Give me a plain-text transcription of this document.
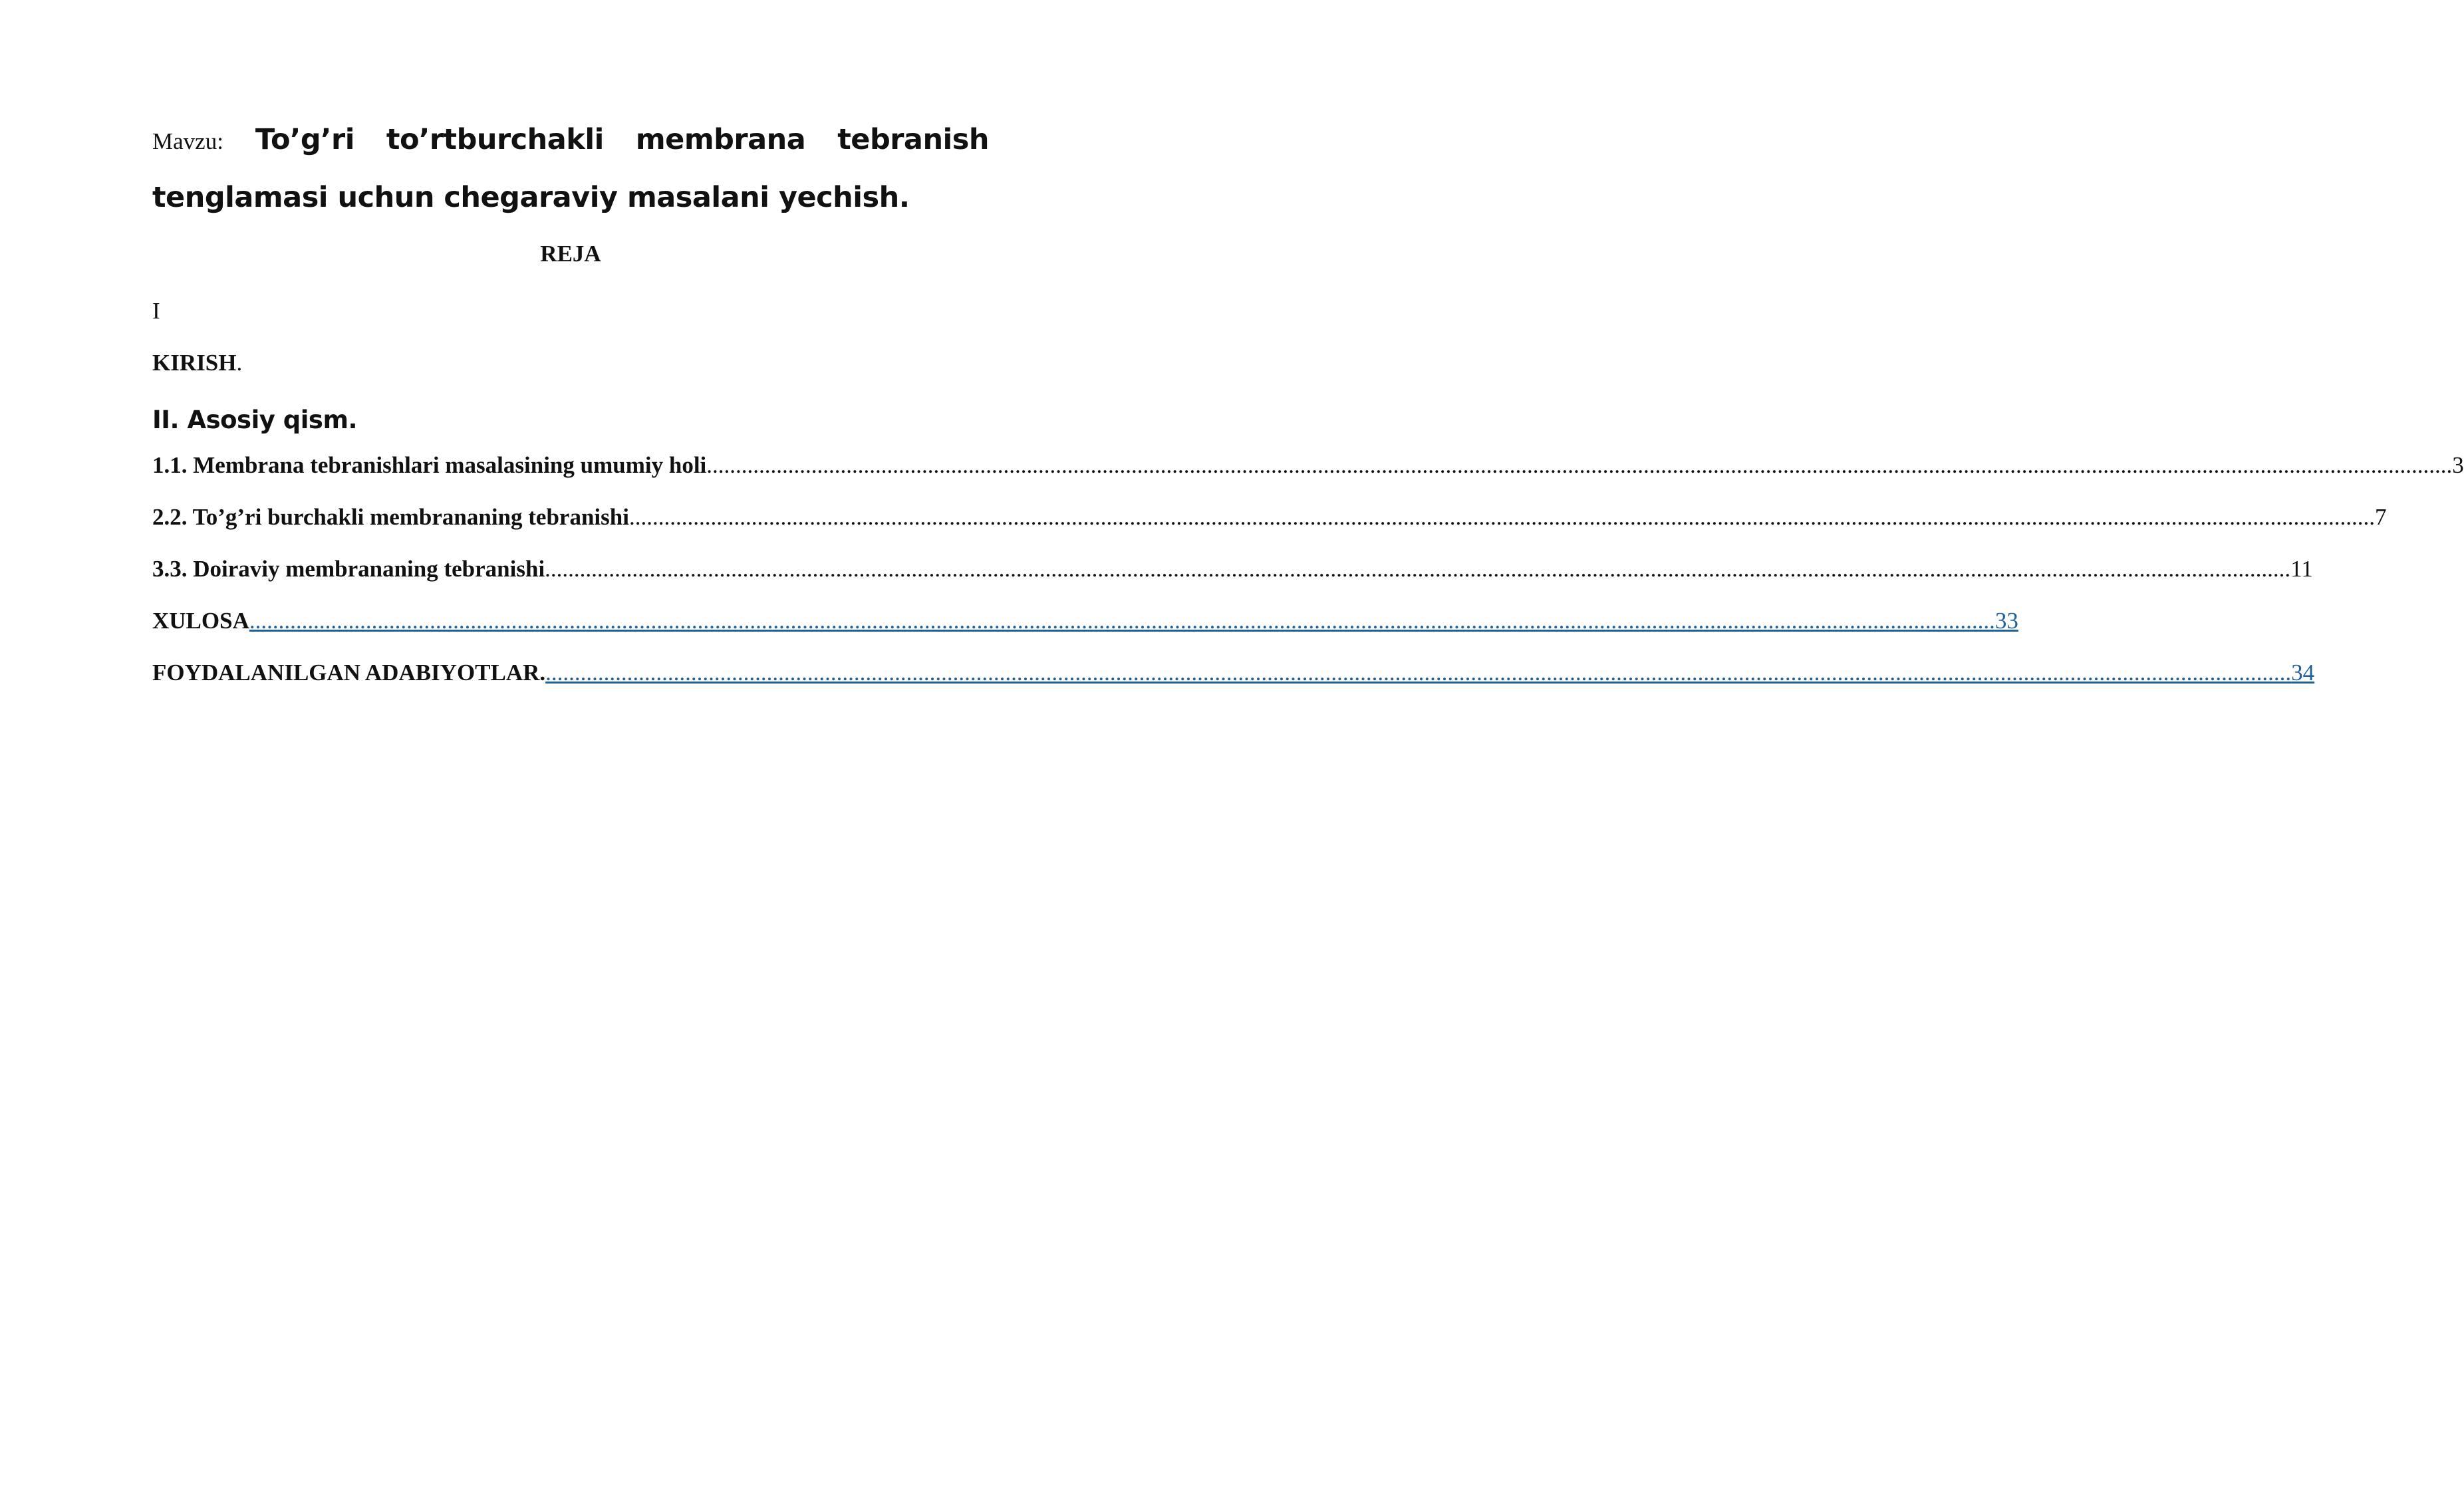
Mavzu: To’g’ri to’rtburchakli membrana tebranish
tenglamasi uchun chegaraviy masalani yechish.
REJA
I
KIRISH.
II. Asosiy qism.
1.1. Membrana tebranishlari masalasining umumiy holi ............................................................................................................................................................................................................................................................................................................ 3
2.2. To’g’ri burchakli membrananing tebranishi ............................................................................................................................................................................................................................................................................................................ 7
3.3. Doiraviy membrananing tebranishi ............................................................................................................................................................................................................................................................................................................ 11
XULOSA ............................................................................................................................................................................................................................................................................................................ 33
FOYDALANILGAN ADABIYOTLAR. ............................................................................................................................................................................................................................................................................................................ 34
